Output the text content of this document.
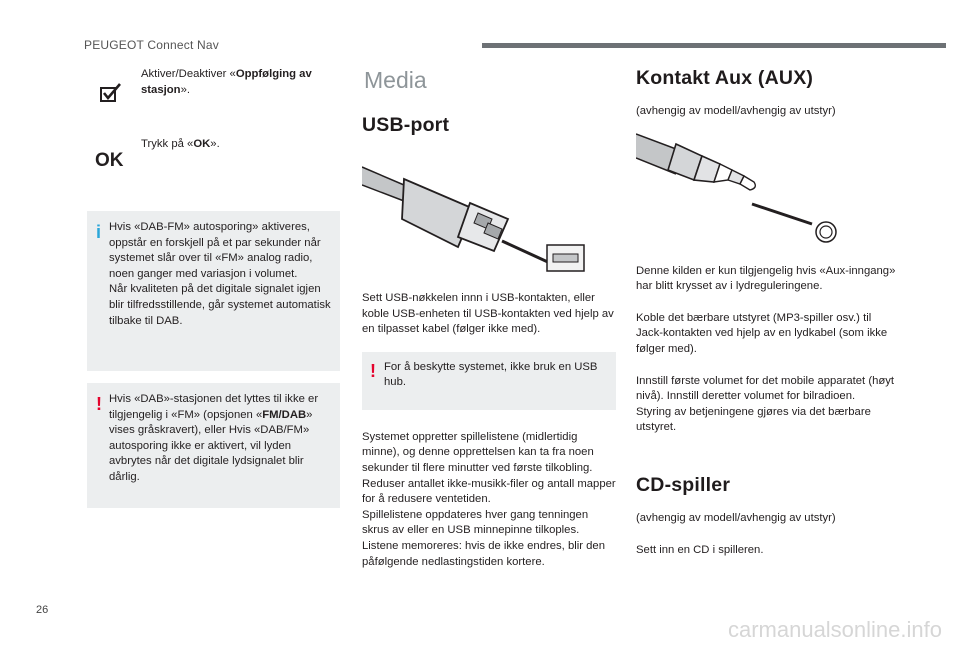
PEUGEOT Connect Nav

Aktiver/Deaktiver «Oppfølging av stasjon».

OK

Trykk på «OK».

i Hvis «DAB-FM» autosporing» aktiveres, oppstår en forskjell på et par sekunder når systemet slår over til «FM» analog radio, noen ganger med variasjon i volumet.
Når kvaliteten på det digitale signalet igjen blir tilfredsstillende, går systemet automatisk tilbake til DAB.

! Hvis «DAB»-stasjonen det lyttes til ikke er tilgjengelig i «FM» (opsjonen «FM/DAB» vises gråskravert), eller Hvis «DAB/FM» autosporing ikke er aktivert, vil lyden avbrytes når det digitale lydsignalet blir dårlig.

Media
USB-port

Sett USB-nøkkelen innn i USB-kontakten, eller koble USB-enheten til USB-kontakten ved hjelp av en tilpasset kabel (følger ikke med).

! For å beskytte systemet, ikke bruk en USB hub.

Systemet oppretter spillelistene (midlertidig minne), og denne opprettelsen kan ta fra noen sekunder til flere minutter ved første tilkobling.
Reduser antallet ikke-musikk-filer og antall mapper for å redusere ventetiden.
Spillelistene oppdateres hver gang tenningen skrus av eller en USB minnepinne tilkoples. Listene memoreres: hvis de ikke endres, blir den påfølgende nedlastingstiden kortere.

Kontakt Aux (AUX)

(avhengig av modell/avhengig av utstyr)

Denne kilden er kun tilgjengelig hvis «Aux-inngang» har blitt krysset av i lydreguleringene.

Koble det bærbare utstyret (MP3-spiller osv.) til Jack-kontakten ved hjelp av en lydkabel (som ikke følger med).

Innstill første volumet for det mobile apparatet (høyt nivå). Innstill deretter volumet for bilradioen.
Styring av betjeningene gjøres via det bærbare utstyret.

CD-spiller

(avhengig av modell/avhengig av utstyr)

Sett inn en CD i spilleren.

26
carmanualsonline.info
